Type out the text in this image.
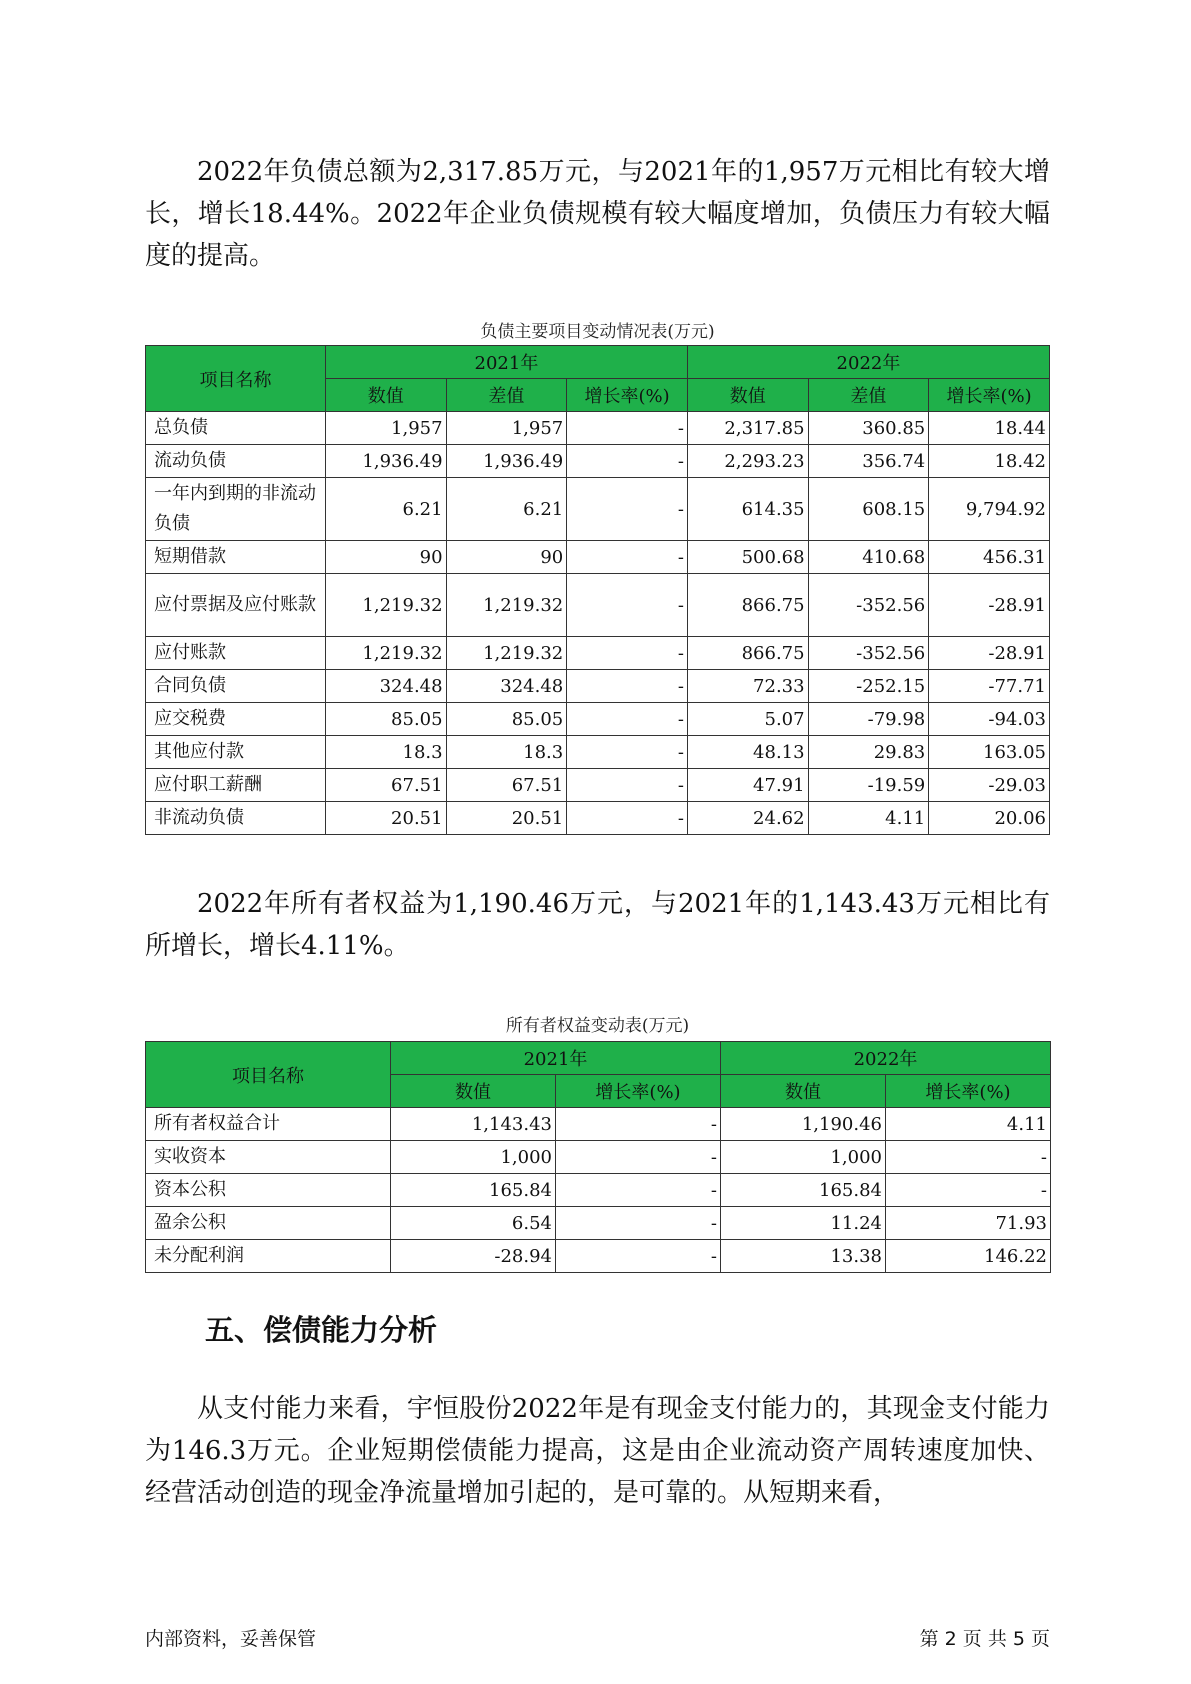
2022年负债总额为2,317.85万元，与2021年的1,957万元相比有较大增长，增长18.44%。2022年企业负债规模有较大幅度增加，负债压力有较大幅度的提高。

负债主要项目变动情况表(万元)
项目名称	2021年			2022年		
	数值	差值	增长率(%)	数值	差值	增长率(%)
总负债	1,957	1,957	-	2,317.85	360.85	18.44
流动负债	1,936.49	1,936.49	-	2,293.23	356.74	18.42
一年内到期的非流动负债	6.21	6.21	-	614.35	608.15	9,794.92
短期借款	90	90	-	500.68	410.68	456.31
应付票据及应付账款	1,219.32	1,219.32	-	866.75	-352.56	-28.91
应付账款	1,219.32	1,219.32	-	866.75	-352.56	-28.91
合同负债	324.48	324.48	-	72.33	-252.15	-77.71
应交税费	85.05	85.05	-	5.07	-79.98	-94.03
其他应付款	18.3	18.3	-	48.13	29.83	163.05
应付职工薪酬	67.51	67.51	-	47.91	-19.59	-29.03
非流动负债	20.51	20.51	-	24.62	4.11	20.06

2022年所有者权益为1,190.46万元，与2021年的1,143.43万元相比有所增长，增长4.11%。

所有者权益变动表(万元)
项目名称	2021年		2022年	
	数值	增长率(%)	数值	增长率(%)
所有者权益合计	1,143.43	-	1,190.46	4.11
实收资本	1,000	-	1,000	-
资本公积	165.84	-	165.84	-
盈余公积	6.54	-	11.24	71.93
未分配利润	-28.94	-	13.38	146.22
五、偿债能力分析

从支付能力来看，宇恒股份2022年是有现金支付能力的，其现金支付能力为146.3万元。企业短期偿债能力提高，这是由企业流动资产周转速度加快、经营活动创造的现金净流量增加引起的，是可靠的。从短期来看，

内部资料，妥善保管	第 2 页 共 5 页
